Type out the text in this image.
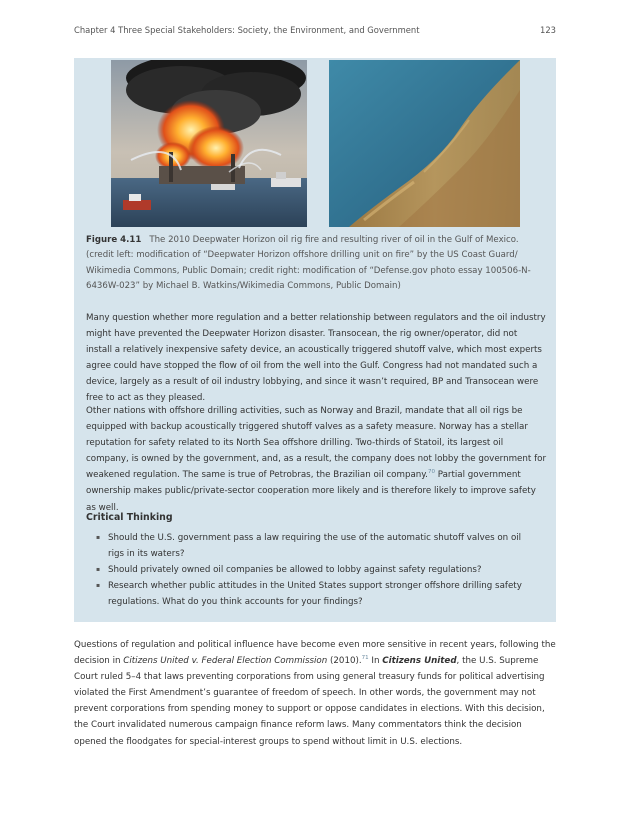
Chapter 4 Three Special Stakeholders: Society, the Environment, and Government	123
Figure 4.11 The 2010 Deepwater Horizon oil rig fire and resulting river of oil in the Gulf of Mexico. (credit left: modification of “Deepwater Horizon offshore drilling unit on fire” by the US Coast Guard/ Wikimedia Commons, Public Domain; credit right: modification of “Defense.gov photo essay 100506-N-6436W-023” by Michael B. Watkins/Wikimedia Commons, Public Domain)
Many question whether more regulation and a better relationship between regulators and the oil industry might have prevented the Deepwater Horizon disaster. Transocean, the rig owner/operator, did not install a relatively inexpensive safety device, an acoustically triggered shutoff valve, which most experts agree could have stopped the flow of oil from the well into the Gulf. Congress had not mandated such a device, largely as a result of oil industry lobbying, and since it wasn’t required, BP and Transocean were free to act as they pleased.
Other nations with offshore drilling activities, such as Norway and Brazil, mandate that all oil rigs be equipped with backup acoustically triggered shutoff valves as a safety measure. Norway has a stellar reputation for safety related to its North Sea offshore drilling. Two-thirds of Statoil, its largest oil company, is owned by the government, and, as a result, the company does not lobby the government for weakened regulation. The same is true of Petrobras, the Brazilian oil company.$^{70}$ Partial government ownership makes public/private-sector cooperation more likely and is therefore likely to improve safety as well.
Critical Thinking
▪ Should the U.S. government pass a law requiring the use of the automatic shutoff valves on oil rigs in its waters?
▪ Should privately owned oil companies be allowed to lobby against safety regulations?
▪ Research whether public attitudes in the United States support stronger offshore drilling safety regulations. What do you think accounts for your findings?
Questions of regulation and political influence have become even more sensitive in recent years, following the decision in Citizens United v. Federal Election Commission (2010).$^{71}$ In Citizens United, the U.S. Supreme Court ruled 5–4 that laws preventing corporations from using general treasury funds for political advertising violated the First Amendment’s guarantee of freedom of speech. In other words, the government may not prevent corporations from spending money to support or oppose candidates in elections. With this decision, the Court invalidated numerous campaign finance reform laws. Many commentators think the decision opened the floodgates for special-interest groups to spend without limit in U.S. elections.
